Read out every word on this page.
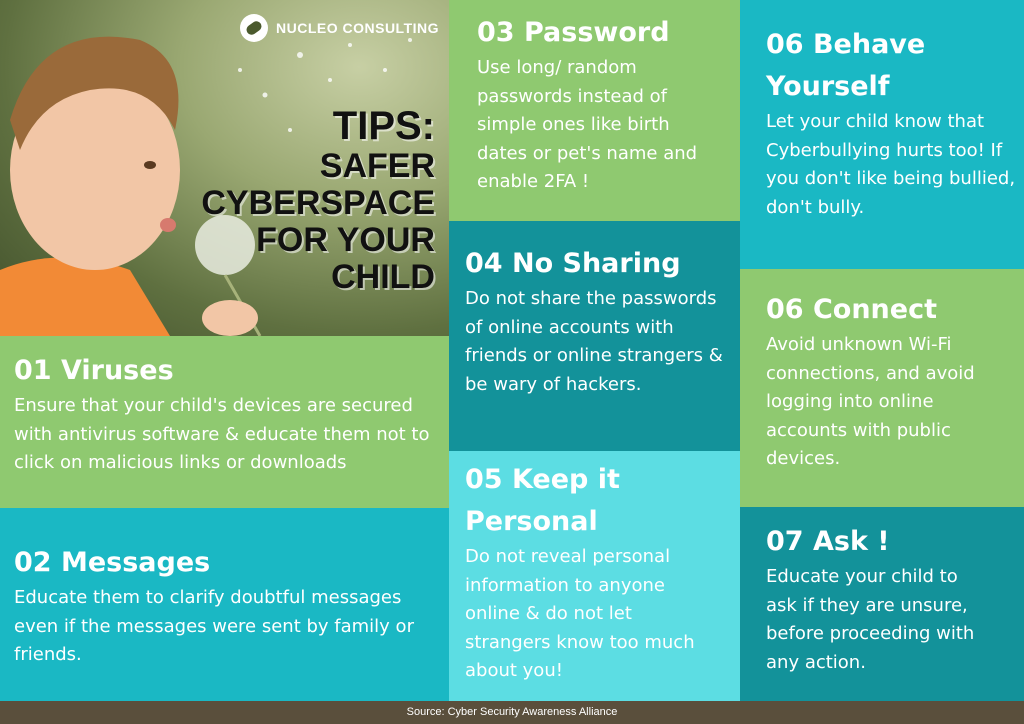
NUCLEO CONSULTING
TIPS:
SAFER
CYBERSPACE
FOR YOUR
CHILD
01 Viruses

Ensure that your child's devices are secured with antivirus software & educate them not to click on malicious links or downloads

02 Messages

Educate them to clarify doubtful messages even if the messages were sent by family or friends.

03 Password

Use long/ random passwords instead of simple ones like birth dates or pet's name and enable 2FA !

04 No Sharing

Do not share the passwords of online accounts with friends or online strangers & be wary of hackers.

05 Keep it Personal

Do not reveal personal information to anyone online & do not let strangers know too much about you!

06 Behave Yourself

Let your child know that Cyberbullying hurts too! If you don't like being bullied, don't bully.

06 Connect

Avoid unknown Wi-Fi connections, and avoid logging into online accounts with public devices.

07 Ask !

Educate your child to ask if they are unsure, before proceeding with any action.

Source: Cyber Security Awareness Alliance
